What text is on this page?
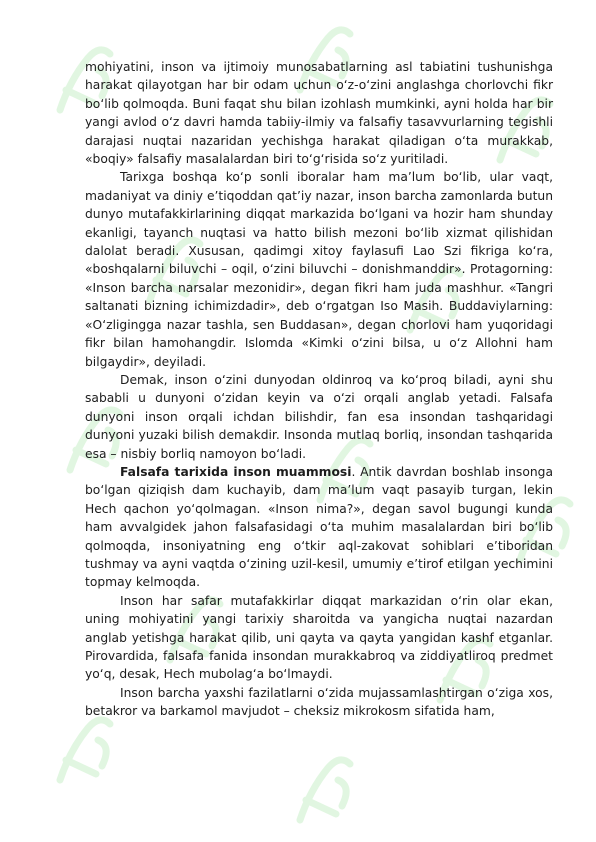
mohiyatini, inson va ijtimoiy munosabatlarning asl tabiatini tushunishga harakat qilayotgan har bir odam uchun o‘z-o‘zini anglashga chorlovchi fikr bo‘lib qolmoqda. Buni faqat shu bilan izohlash mumkinki, ayni holda har bir yangi avlod o‘z davri hamda tabiiy-ilmiy va falsafiy tasavvurlarning tegishli darajasi nuqtai nazaridan yechishga harakat qiladigan o‘ta murakkab, «boqiy» falsafiy masalalardan biri to‘g‘risida so‘z yuritiladi.

Tarixga boshqa ko‘p sonli iboralar ham ma’lum bo‘lib, ular vaqt, madaniyat va diniy e’tiqoddan qat’iy nazar, inson barcha zamonlarda butun dunyo mutafakkirlarining diqqat markazida bo‘lgani va hozir ham shunday ekanligi, tayanch nuqtasi va hatto bilish mezoni bo‘lib xizmat qilishidan dalolat beradi. Xususan, qadimgi xitoy faylasufi Lao Szi fikriga ko‘ra, «boshqalarni biluvchi – oqil, o‘zini biluvchi – donishmanddir». Protagorning: «Inson barcha narsalar mezonidir», degan fikri ham juda mashhur. «Tangri saltanati bizning ichimizdadir», deb o‘rgatgan Iso Masih. Buddaviylarning: «O‘zligingga nazar tashla, sen Buddasan», degan chorlovi ham yuqoridagi fikr bilan hamohangdir. Islomda «Kimki o‘zini bilsa, u o‘z Allohni ham bilgaydir», deyiladi.

Demak, inson o‘zini dunyodan oldinroq va ko‘proq biladi, ayni shu sababli u dunyoni o‘zidan keyin va o‘zi orqali anglab yetadi. Falsafa dunyoni inson orqali ichdan bilishdir, fan esa insondan tashqaridagi dunyoni yuzaki bilish demakdir. Insonda mutlaq borliq, insondan tashqarida esa – nisbiy borliq namoyon bo‘ladi.

Falsafa tarixida inson muammosi. Antik davrdan boshlab insonga bo‘lgan qiziqish dam kuchayib, dam ma’lum vaqt pasayib turgan, lekin Hech qachon yo‘qolmagan. «Inson nima?», degan savol bugungi kunda ham avvalgidek jahon falsafasidagi o‘ta muhim masalalardan biri bo‘lib qolmoqda, insoniyatning eng o‘tkir aql-zakovat sohiblari e’tiboridan tushmay va ayni vaqtda o‘zining uzil-kesil, umumiy e’tirof etilgan yechimini topmay kelmoqda.

Inson har safar mutafakkirlar diqqat markazidan o‘rin olar ekan, uning mohiyatini yangi tarixiy sharoitda va yangicha nuqtai nazardan anglab yetishga harakat qilib, uni qayta va qayta yangidan kashf etganlar. Pirovardida, falsafa fanida insondan murakkabroq va ziddiyatliroq predmet yo‘q, desak, Hech mubolag‘a bo‘lmaydi.

Inson barcha yaxshi fazilatlarni o‘zida mujassamlashtirgan o‘ziga xos, betakror va barkamol mavjudot – cheksiz mikrokosm sifatida ham,
